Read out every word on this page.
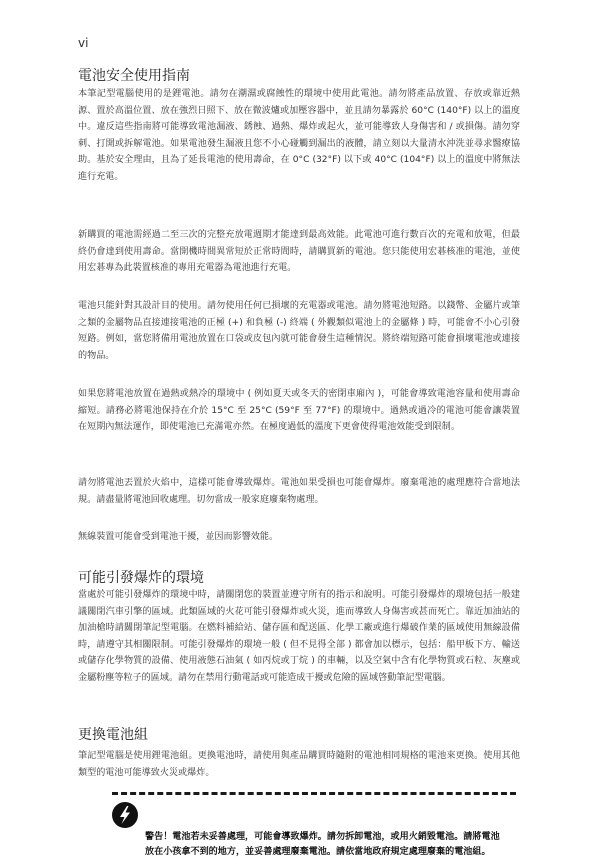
vi
電池安全使用指南

本筆記型電腦使用的是鋰電池。請勿在潮濕或腐蝕性的環境中使用此電池。請勿將產品放置、存放或靠近熱源、置於高溫位置、放在強烈日照下、放在微波爐或加壓容器中，並且請勿暴露於 60°C (140°F) 以上的溫度中。違反這些指南將可能導致電池漏液、銹蝕、過熱、爆炸或起火，並可能導致人身傷害和 / 或損傷。請勿穿刺、打開或拆解電池。如果電池發生漏液且您不小心碰觸到漏出的液體，請立刻以大量清水沖洗並尋求醫療協助。基於安全理由，且為了延長電池的使用壽命，在 0°C (32°F) 以下或 40°C (104°F) 以上的溫度中將無法進行充電。

新購買的電池需經過二至三次的完整充放電週期才能達到最高效能。此電池可進行數百次的充電和放電，但最終仍會達到使用壽命。當開機時間異常短於正常時間時，請購買新的電池。您只能使用宏碁核准的電池，並使用宏碁專為此裝置核准的專用充電器為電池進行充電。

電池只能針對其設計目的使用。請勿使用任何已損壞的充電器或電池。請勿將電池短路。以錢幣、金屬片或筆之類的金屬物品直接連接電池的正極 (+) 和負極 (-) 終端 ( 外觀類似電池上的金屬條 ) 時，可能會不小心引發短路。例如，當您將備用電池放置在口袋或皮包內就可能會發生這種情況。將終端短路可能會損壞電池或連接的物品。

如果您將電池放置在過熱或熱冷的環境中 ( 例如夏天或冬天的密閉車廂內 )，可能會導致電池容量和使用壽命縮短。請務必將電池保持在介於 15°C 至 25°C (59°F 至 77°F) 的環境中。過熱或過冷的電池可能會讓裝置在短期內無法運作，即使電池已充滿電亦然。在極度過低的溫度下更會使得電池效能受到限制。

請勿將電池丟置於火焰中，這樣可能會導致爆炸。電池如果受損也可能會爆炸。廢棄電池的處理應符合當地法規。請盡量將電池回收處理。切勿當成一般家庭廢棄物處理。

無線裝置可能會受到電池干擾，並因而影響效能。

可能引發爆炸的環境

當處於可能引發爆炸的環境中時，請關閉您的裝置並遵守所有的指示和說明。可能引發爆炸的環境包括一般建議關閉汽車引擎的區域。此類區域的火花可能引發爆炸或火災，進而導致人身傷害或甚而死亡。靠近加油站的加油槍時請關閉筆記型電腦。在燃料補給站、儲存區和配送區、化學工廠或進行爆破作業的區域使用無線設備時，請遵守其相關限制。可能引發爆炸的環境一般 ( 但不見得全部 ) 都會加以標示，包括：船甲板下方、輸送或儲存化學物質的設備、使用液態石油氣 ( 如丙烷或丁烷 ) 的車輛，以及空氣中含有化學物質或石粒、灰塵或金屬粉塵等粒子的區域。請勿在禁用行動電話或可能造成干擾或危險的區域啓動筆記型電腦。

更換電池組

筆記型電腦是使用鋰電池組。更換電池時，請使用與產品購買時隨附的電池相同規格的電池來更換。使用其他類型的電池可能導致火災或爆炸。

警告！電池若未妥善處理，可能會導致爆炸。請勿拆卸電池，或用火銷毀電池。請將電池放在小孩拿不到的地方，並妥善處理廢棄電池。請依當地政府規定處理廢棄的電池組。
